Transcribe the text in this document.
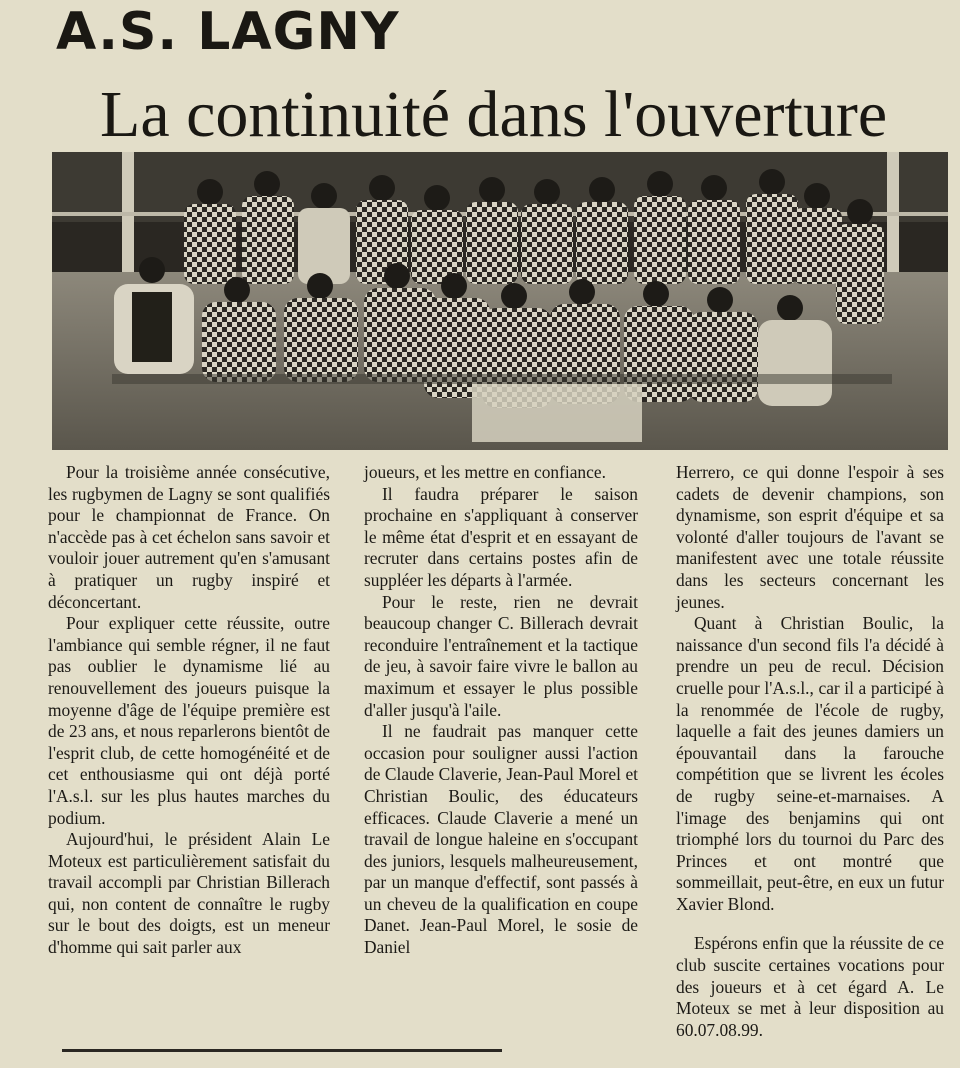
A.S. LAGNY
La continuité dans l'ouverture

Pour la troisième année consécutive, les rugbymen de Lagny se sont qualifiés pour le championnat de France. On n'accède pas à cet échelon sans savoir et vouloir jouer autrement qu'en s'amusant à pratiquer un rugby inspiré et déconcertant.

Pour expliquer cette réussite, outre l'ambiance qui semble régner, il ne faut pas oublier le dynamisme lié au renouvellement des joueurs puisque la moyenne d'âge de l'équipe première est de 23 ans, et nous reparlerons bientôt de l'esprit club, de cette homogénéité et de cet enthousiasme qui ont déjà porté l'A.s.l. sur les plus hautes marches du podium.

Aujourd'hui, le président Alain Le Moteux est particulièrement satisfait du travail accompli par Christian Billerach qui, non content de connaître le rugby sur le bout des doigts, est un meneur d'homme qui sait parler aux

joueurs, et les mettre en confiance.

Il faudra préparer le saison prochaine en s'appliquant à conserver le même état d'esprit et en essayant de recruter dans certains postes afin de suppléer les départs à l'armée.

Pour le reste, rien ne devrait beaucoup changer C. Billerach devrait reconduire l'entraînement et la tactique de jeu, à savoir faire vivre le ballon au maximum et essayer le plus possible d'aller jusqu'à l'aile.

Il ne faudrait pas manquer cette occasion pour souligner aussi l'action de Claude Claverie, Jean-Paul Morel et Christian Boulic, des éducateurs efficaces. Claude Claverie a mené un travail de longue haleine en s'occupant des juniors, lesquels malheureusement, par un manque d'effectif, sont passés à un cheveu de la qualification en coupe Danet. Jean-Paul Morel, le sosie de Daniel

Herrero, ce qui donne l'espoir à ses cadets de devenir champions, son dynamisme, son esprit d'équipe et sa volonté d'aller toujours de l'avant se manifestent avec une totale réussite dans les secteurs concernant les jeunes.

Quant à Christian Boulic, la naissance d'un second fils l'a décidé à prendre un peu de recul. Décision cruelle pour l'A.s.l., car il a participé à la renommée de l'école de rugby, laquelle a fait des jeunes damiers un épouvantail dans la farouche compétition que se livrent les écoles de rugby seine-et-marnaises. A l'image des benjamins qui ont triomphé lors du tournoi du Parc des Princes et ont montré que sommeillait, peut-être, en eux un futur Xavier Blond.

Espérons enfin que la réussite de ce club suscite certaines vocations pour des joueurs et à cet égard A. Le Moteux se met à leur disposition au 60.07.08.99.
